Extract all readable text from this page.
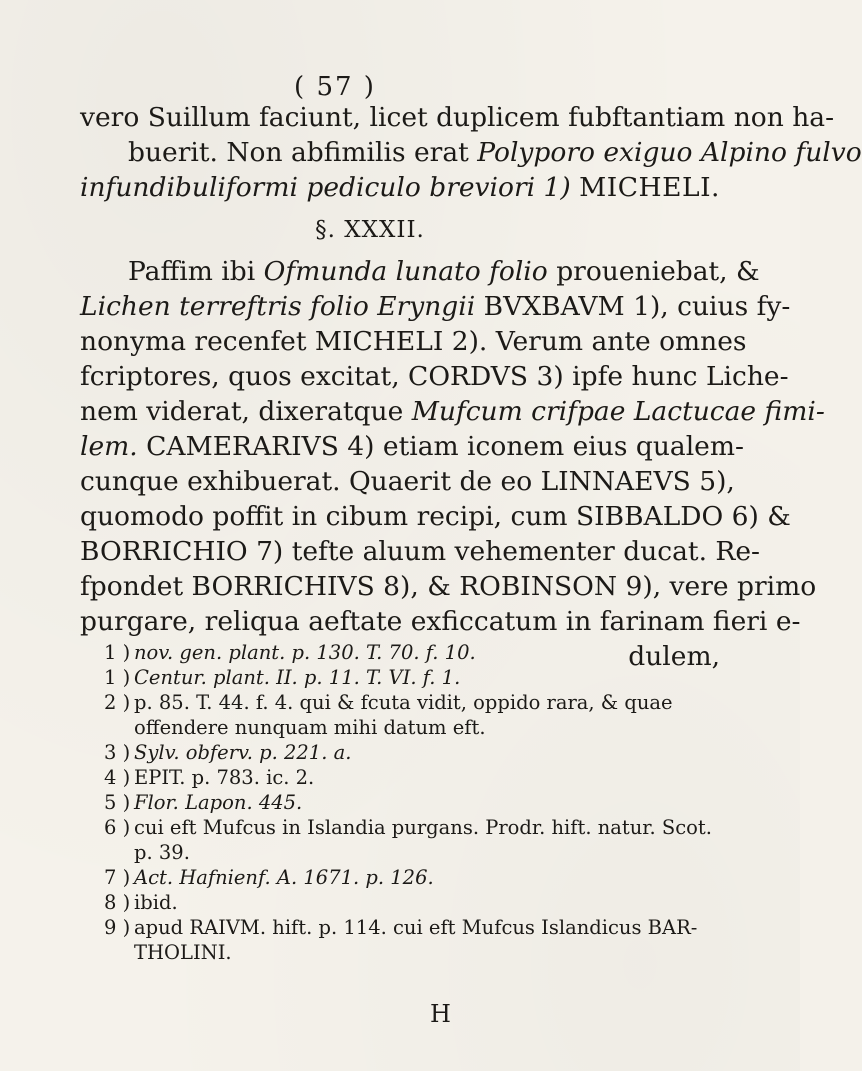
( 57 )
vero Suillum faciunt, licet duplicem fubftantiam non ha-
buerit. Non abfimilis erat Polyporo exiguo Alpino fulvo
infundibuliformi pediculo breviori 1) MICHELI.
§. XXXII.
Paffim ibi Ofmunda lunato folio proueniebat, &
Lichen terreftris folio Eryngii BVXBAVM 1), cuius fy-
nonyma recenfet MICHELI 2). Verum ante omnes
fcriptores, quos excitat, CORDVS 3) ipfe hunc Liche-
nem viderat, dixeratque Mufcum crifpae Lactucae fimi-
lem. CAMERARIVS 4) etiam iconem eius qualem-
cunque exhibuerat. Quaerit de eo LINNAEVS 5),
quomodo poffit in cibum recipi, cum SIBBALDO 6) &
BORRICHIO 7) tefte aluum vehementer ducat. Re-
fpondet BORRICHIVS 8), & ROBINSON 9), vere primo
purgare, reliqua aeftate exficcatum in farinam fieri e-
dulem,
1 ) nov. gen. plant. p. 130. T. 70. f. 10.
1 ) Centur. plant. II. p. 11. T. VI. f. 1.
2 ) p. 85. T. 44. f. 4. qui & fcuta vidit, oppido rara, & quae
offendere nunquam mihi datum eft.
3 ) Sylv. obferv. p. 221. a.
4 ) EPIT. p. 783. ic. 2.
5 ) Flor. Lapon. 445.
6 ) cui eft Mufcus in Islandia purgans. Prodr. hift. natur. Scot.
p. 39.
7 ) Act. Hafnienf. A. 1671. p. 126.
8 ) ibid.
9 ) apud RAIVM. hift. p. 114. cui eft Mufcus Islandicus BAR-
THOLINI.
H
